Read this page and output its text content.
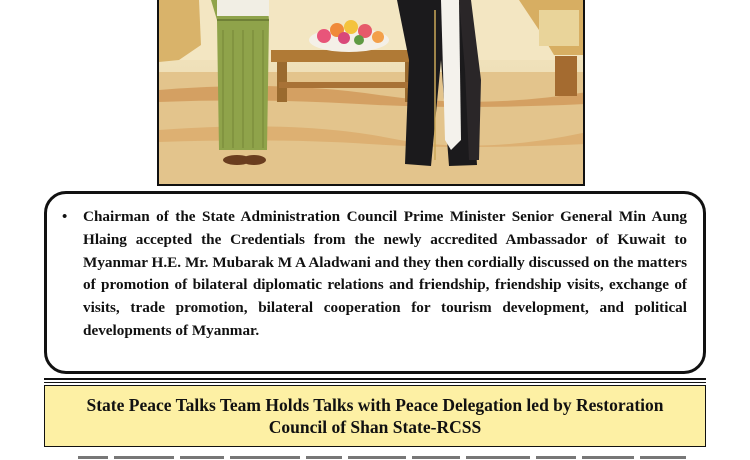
• Chairman of the State Administration Council Prime Minister Senior General Min Aung Hlaing accepted the Credentials from the newly accredited Ambassador of Kuwait to Myanmar H.E. Mr. Mubarak M A Aladwani and they then cordially discussed on the matters of promotion of bilateral diplomatic relations and friendship, friendship visits, exchange of visits, trade promotion, bilateral cooperation for tourism development, and political developments of Myanmar.
State Peace Talks Team Holds Talks with Peace Delegation led by Restoration Council of Shan State-RCSS
